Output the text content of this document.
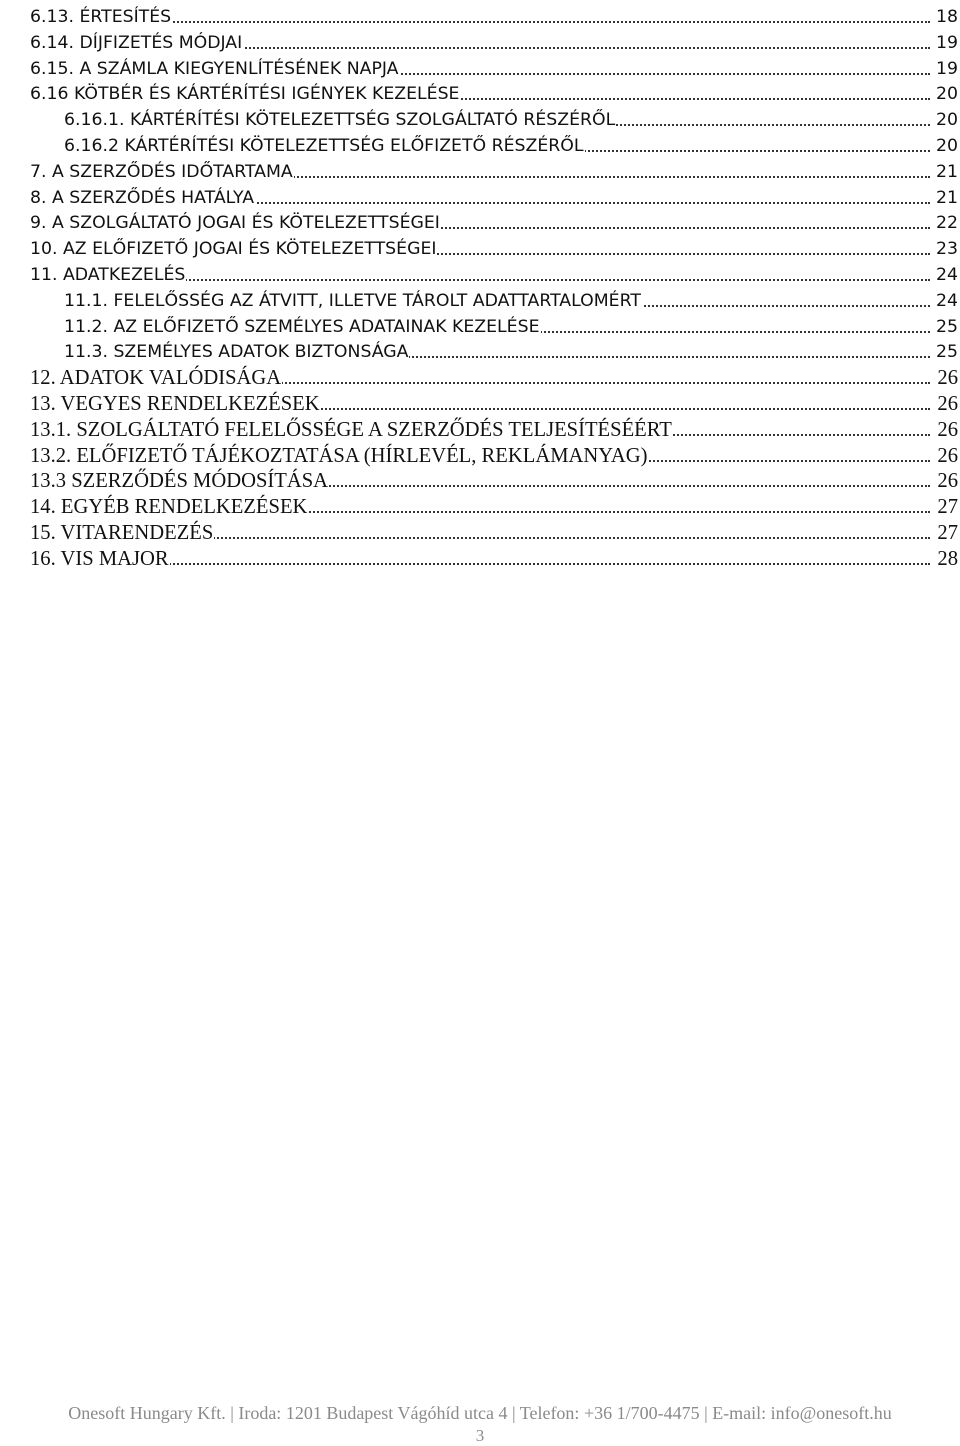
6.13. ÉRTESÍTÉS	18
6.14. DÍJFIZETÉS MÓDJAI	19
6.15. A SZÁMLA KIEGYENLÍTÉSÉNEK NAPJA	19
6.16 KÖTBÉR ÉS KÁRTÉRÍTÉSI IGÉNYEK KEZELÉSE	20
6.16.1. KÁRTÉRÍTÉSI KÖTELEZETTSÉG SZOLGÁLTATÓ RÉSZÉRŐL	20
6.16.2 KÁRTÉRÍTÉSI KÖTELEZETTSÉG ELŐFIZETŐ RÉSZÉRŐL	20
7. A SZERZŐDÉS IDŐTARTAMA	21
8. A SZERZŐDÉS HATÁLYA	21
9. A SZOLGÁLTATÓ JOGAI ÉS KÖTELEZETTSÉGEI	22
10. AZ ELŐFIZETŐ JOGAI ÉS KÖTELEZETTSÉGEI	23
11. ADATKEZELÉS	24
11.1. FELELŐSSÉG AZ ÁTVITT, ILLETVE TÁROLT ADATTARTALOMÉRT	24
11.2. AZ ELŐFIZETŐ SZEMÉLYES ADATAINAK KEZELÉSE	25
11.3. SZEMÉLYES ADATOK BIZTONSÁGA	25
12. ADATOK VALÓDISÁGA	26
13. VEGYES RENDELKEZÉSEK	26
13.1. SZOLGÁLTATÓ FELELŐSSÉGE A SZERZŐDÉS TELJESÍTÉSÉÉRT	26
13.2. ELŐFIZETŐ TÁJÉKOZTATÁSA (HÍRLEVÉL, REKLÁMANYAG)	26
13.3 SZERZŐDÉS MÓDOSÍTÁSA	26
14. EGYÉB RENDELKEZÉSEK	27
15. VITARENDEZÉS	27
16. VIS MAJOR	28
Onesoft Hungary Kft. | Iroda: 1201 Budapest Vágóhíd utca 4 | Telefon: +36 1/700-4475 | E-mail: info@onesoft.hu
3
